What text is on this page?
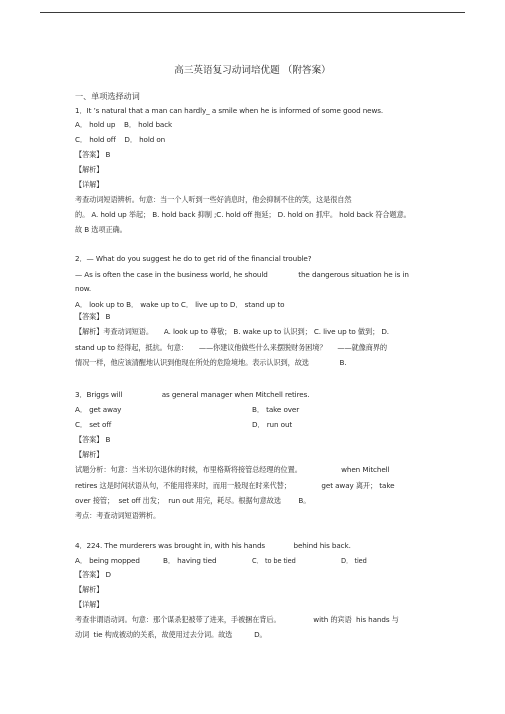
高三英语复习动词培优题 （附答案）
一、单项选择动词
1．It ’s natural that a man can hardly_ a smile when he is informed of some good news.
A． hold up    B． hold back
C． hold off    D． hold on
【答案】 B
【解析】
【详解】
考查动词短语辨析。句意：当一个人听到一些好消息时，他会抑制不住的笑，这是很自然
的。 A. hold up 举起； B. hold back 抑制 ;C. hold off 拖延； D. hold on 抓牢。 hold back 符合题意。
故 B 选项正确。
2．— What do you suggest he do to get rid of the financial trouble?
— As is often the case in the business world, he should              the dangerous situation he is in
now.
A． look up to B． wake up to C． live up to D． stand up to
【答案】 B
【解析】考查动词短语。     A. look up to 尊敬； B. wake up to 认识到； C. live up to 做到； D.
stand up to 经得起，抵抗。句意：     ——你建议他做些什么来摆脱财务困境？     ——就像商界的
情况一样，他应该清醒地认识到他现在所处的危险境地。表示认识到，故选              B.
3．Briggs will                  as general manager when Mitchell retires.
A． get away	B． take over
C． set off	D． run out
【答案】 B
【解析】
试题分析：句意：当米切尔退休的时候，布里格斯将接管总经理的位置。                  when Mitchell
retires 这是时间状语从句，不能用将来时，而用一般现在时来代替；              get away 离开； take
over 接管；  set off 出发；  run out 用完，耗尽。根据句意故选        B。
考点：考查动词短语辨析。
4．224. The murderers was brought in, with his hands             behind his back.
A． being mopped	B． having tied	C． to be tied	D． tied
【答案】 D
【解析】
【详解】
考查非谓语动词。句意：那个谋杀犯被带了进来，手被捆在背后。               with 的宾语  his hands 与
动词  tie 构成被动的关系，故使用过去分词。故选          D。
